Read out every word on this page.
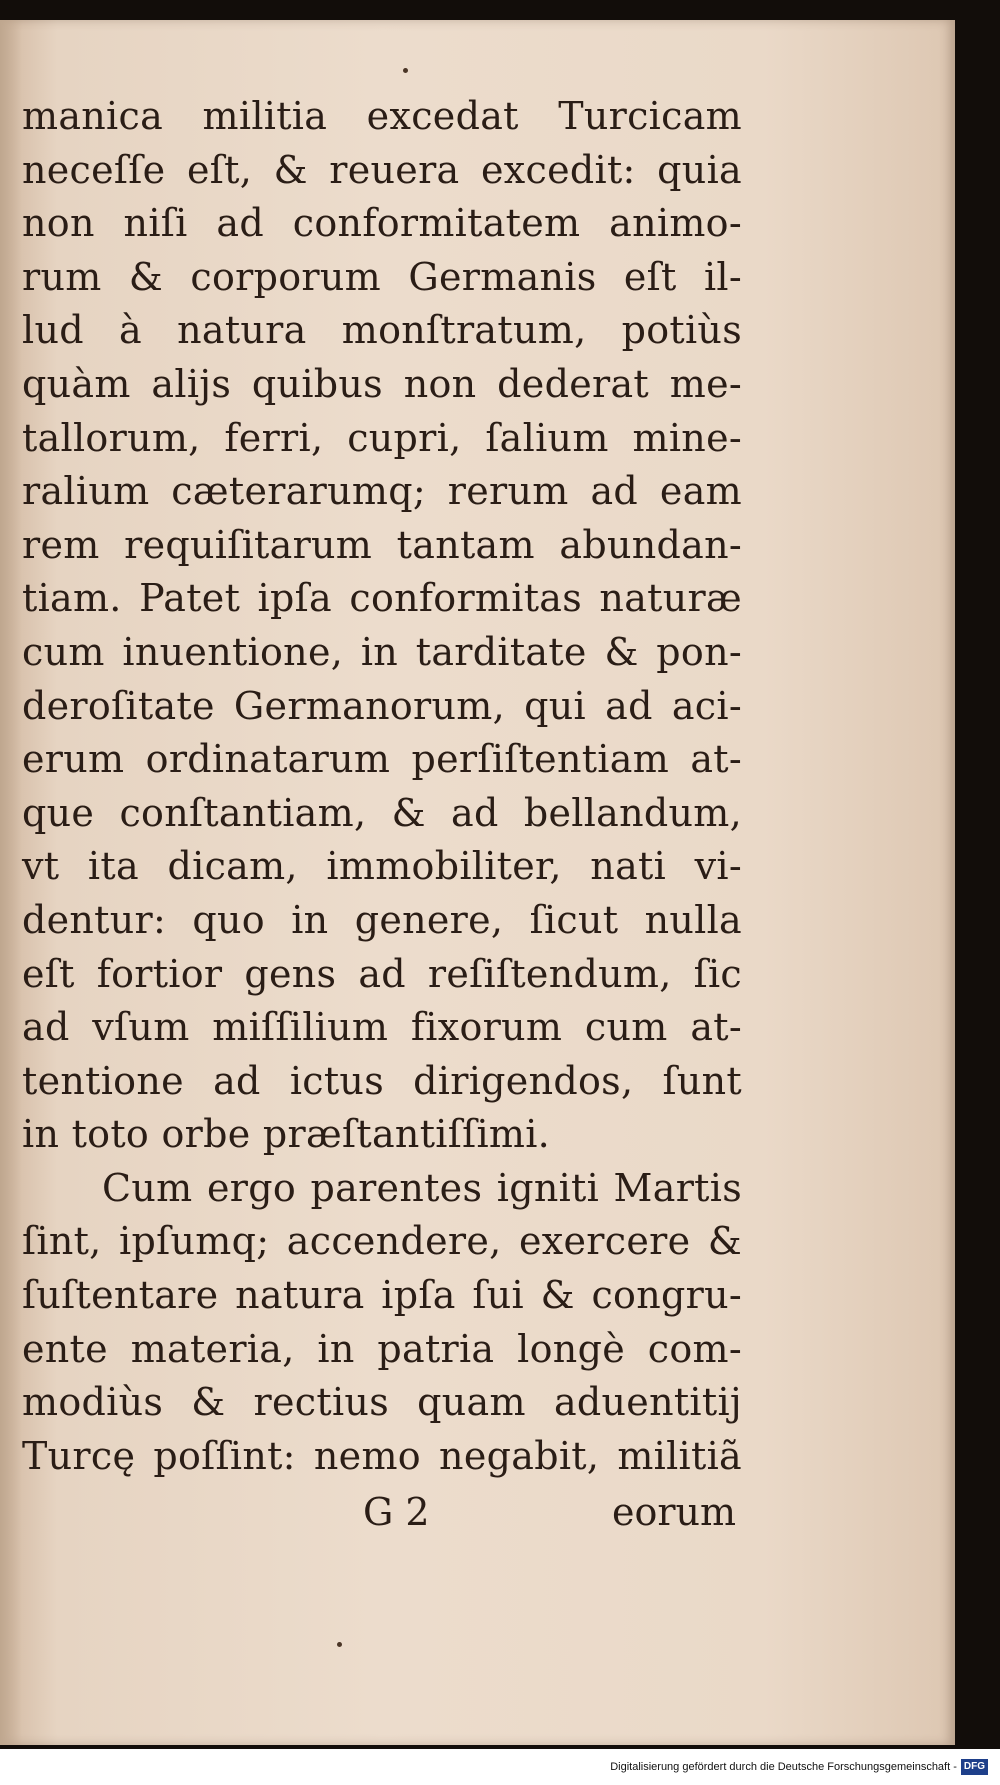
manica militia excedat Turcicam
neceſſe eſt, & reuera excedit: quia
non niſi ad conformitatem animo-
rum & corporum Germanis eſt il-
lud à natura monſtratum, potiùs
quàm alijs quibus non dederat me-
tallorum, ferri, cupri, ſalium mine-
ralium cæterarumq; rerum ad eam
rem requiſitarum tantam abundan-
tiam. Patet ipſa conformitas naturæ
cum inuentione, in tarditate & pon-
deroſitate Germanorum, qui ad aci-
erum ordinatarum perſiſtentiam at-
que conſtantiam, & ad bellandum,
vt ita dicam, immobiliter, nati vi-
dentur: quo in genere, ſicut nulla
eſt fortior gens ad reſiſtendum, ſic
ad vſum miſſilium fixorum cum at-
tentione ad ictus dirigendos, ſunt
in toto orbe præſtantiſſimi.
Cum ergo parentes igniti Martis
ſint, ipſumq; accendere, exercere &
ſuſtentare natura ipſa ſui & congru-
ente materia, in patria longè com-
modiùs & rectius quam aduentitij
Turcę poſſint: nemo negabit, militiã
G 2	eorum
Digitalisierung gefördert durch die Deutsche Forschungsgemeinschaft - DFG
